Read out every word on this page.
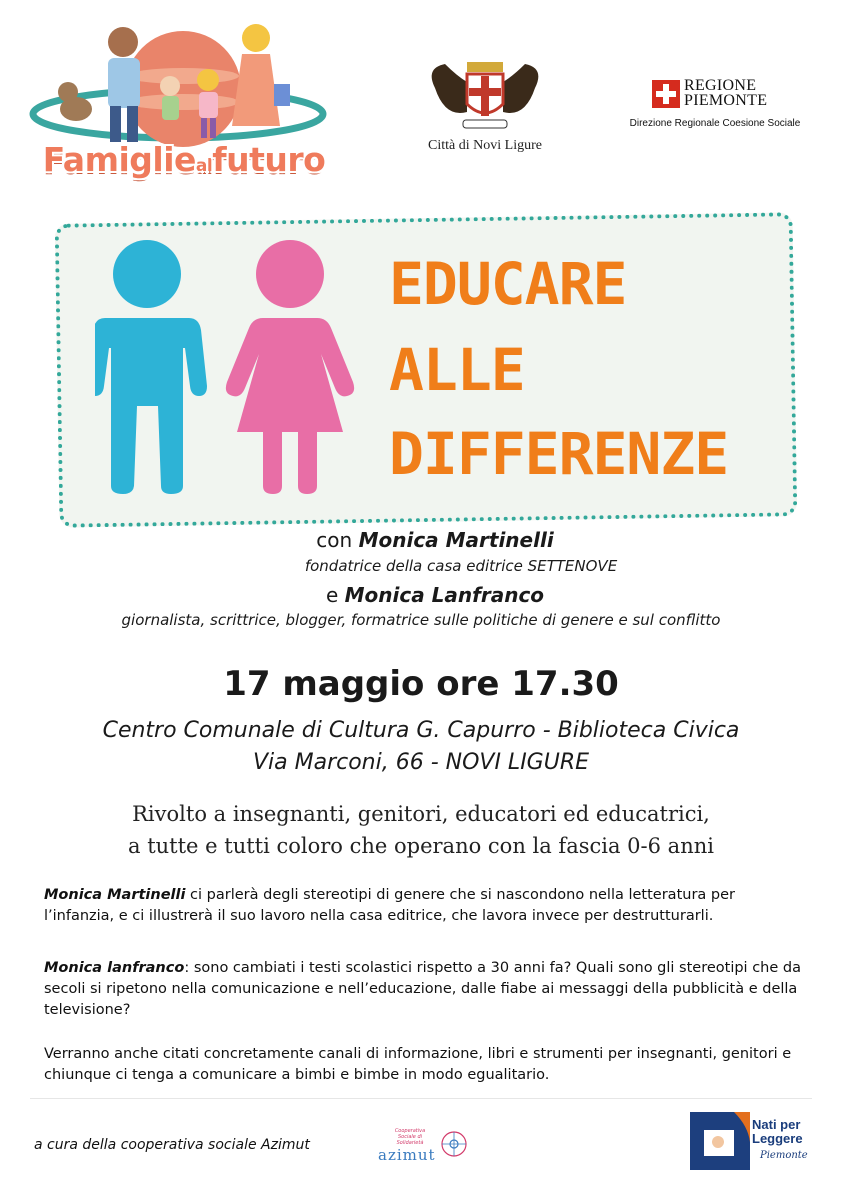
Famigliealfuturo	Città di Novi Ligure
REGIONE
PIEMONTE
Direzione Regionale Coesione Sociale
EDUCARE
ALLE
DIFFERENZE
con Monica Martinelli
fondatrice della casa editrice SETTENOVE
e Monica Lanfranco
giornalista, scrittrice, blogger, formatrice sulle politiche di genere e sul conflitto
17 maggio ore 17.30
Centro Comunale di Cultura G. Capurro - Biblioteca Civica
Via Marconi, 66 - NOVI LIGURE
Rivolto a insegnanti, genitori, educatori ed educatrici,
a tutte e tutti coloro che operano con la fascia 0-6 anni
Monica Martinelli ci parlerà degli stereotipi di genere che si nascondono nella letteratura per l’infanzia, e ci illustrerà il suo lavoro nella casa editrice, che lavora invece per destrutturarli.
Monica lanfranco: sono cambiati i testi scolastici rispetto a 30 anni fa? Quali sono gli stereotipi che da secoli si ripetono nella comunicazione e nell’educazione, dalle fiabe ai messaggi della pubblicità e della televisione?
Verranno anche citati concretamente canali di informazione, libri e strumenti per insegnanti, genitori e chiunque ci tenga a comunicare a bimbi e bimbe in modo egualitario.
a cura della cooperativa sociale Azimut
Cooperativa Sociale di Solidarietà
azimut
Nati per
Leggere
Piemonte
